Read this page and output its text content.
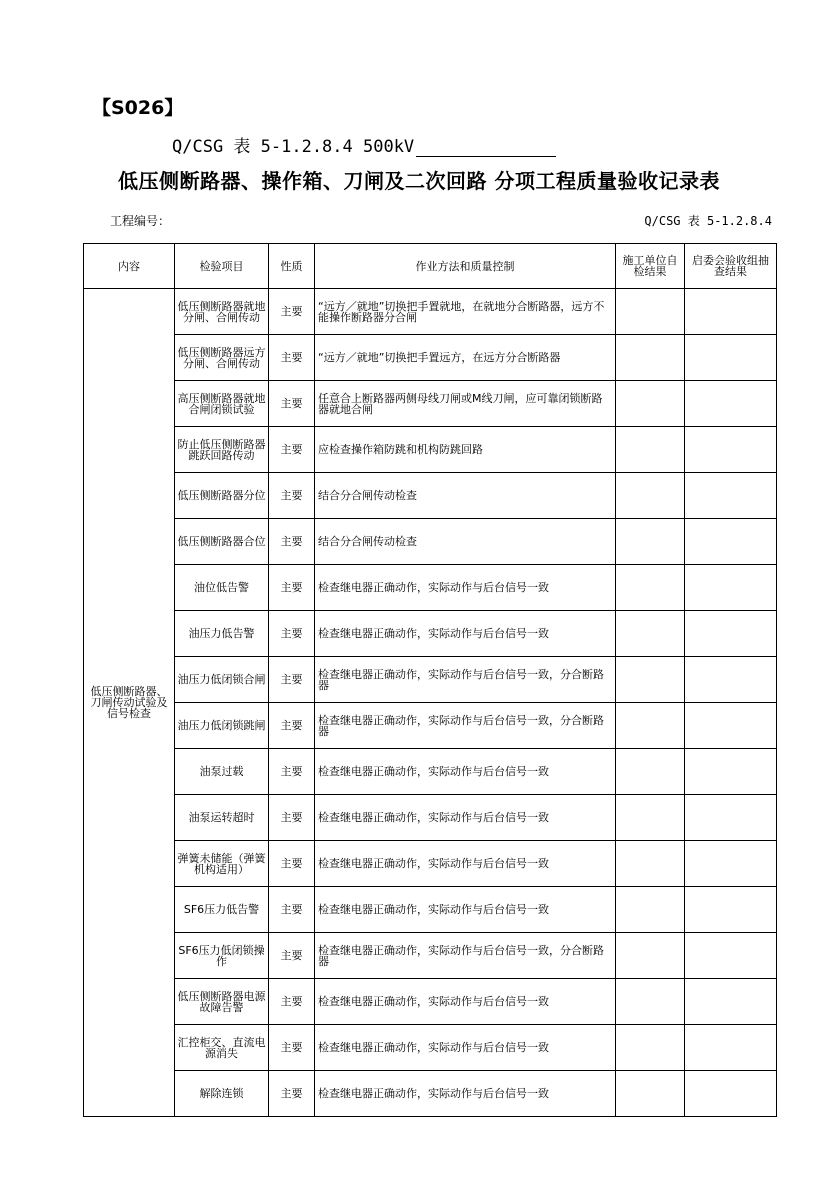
【S026】
Q/CSG 表 5-1.2.8.4 500kV
低压侧断路器、操作箱、刀闸及二次回路 分项工程质量验收记录表
工程编号：	Q/CSG 表 5-1.2.8.4
内容	检验项目	性质	作业方法和质量控制	施工单位自检结果	启委会验收组抽查结果
低压侧断路器、刀闸传动试验及信号检查	低压侧断路器就地分闸、合闸传动	主要	“远方／就地”切换把手置就地，在就地分合断路器，远方不能操作断路器分合闸		
	低压侧断路器远方分闸、合闸传动	主要	“远方／就地”切换把手置远方，在远方分合断路器		
	高压侧断路器就地合闸闭锁试验	主要	任意合上断路器两侧母线刀闸或M线刀闸，应可靠闭锁断路器就地合闸		
	防止低压侧断路器跳跃回路传动	主要	应检查操作箱防跳和机构防跳回路		
	低压侧断路器分位	主要	结合分合闸传动检查		
	低压侧断路器合位	主要	结合分合闸传动检查		
	油位低告警	主要	检查继电器正确动作，实际动作与后台信号一致		
	油压力低告警	主要	检查继电器正确动作，实际动作与后台信号一致		
	油压力低闭锁合闸	主要	检查继电器正确动作，实际动作与后台信号一致，分合断路器		
	油压力低闭锁跳闸	主要	检查继电器正确动作，实际动作与后台信号一致，分合断路器		
	油泵过载	主要	检查继电器正确动作，实际动作与后台信号一致		
	油泵运转超时	主要	检查继电器正确动作，实际动作与后台信号一致		
	弹簧未储能（弹簧机构适用）	主要	检查继电器正确动作，实际动作与后台信号一致		
	SF6压力低告警	主要	检查继电器正确动作，实际动作与后台信号一致		
	SF6压力低闭锁操作	主要	检查继电器正确动作，实际动作与后台信号一致，分合断路器		
	低压侧断路器电源故障告警	主要	检查继电器正确动作，实际动作与后台信号一致		
	汇控柜交、直流电源消失	主要	检查继电器正确动作，实际动作与后台信号一致		
	解除连锁	主要	检查继电器正确动作，实际动作与后台信号一致		
